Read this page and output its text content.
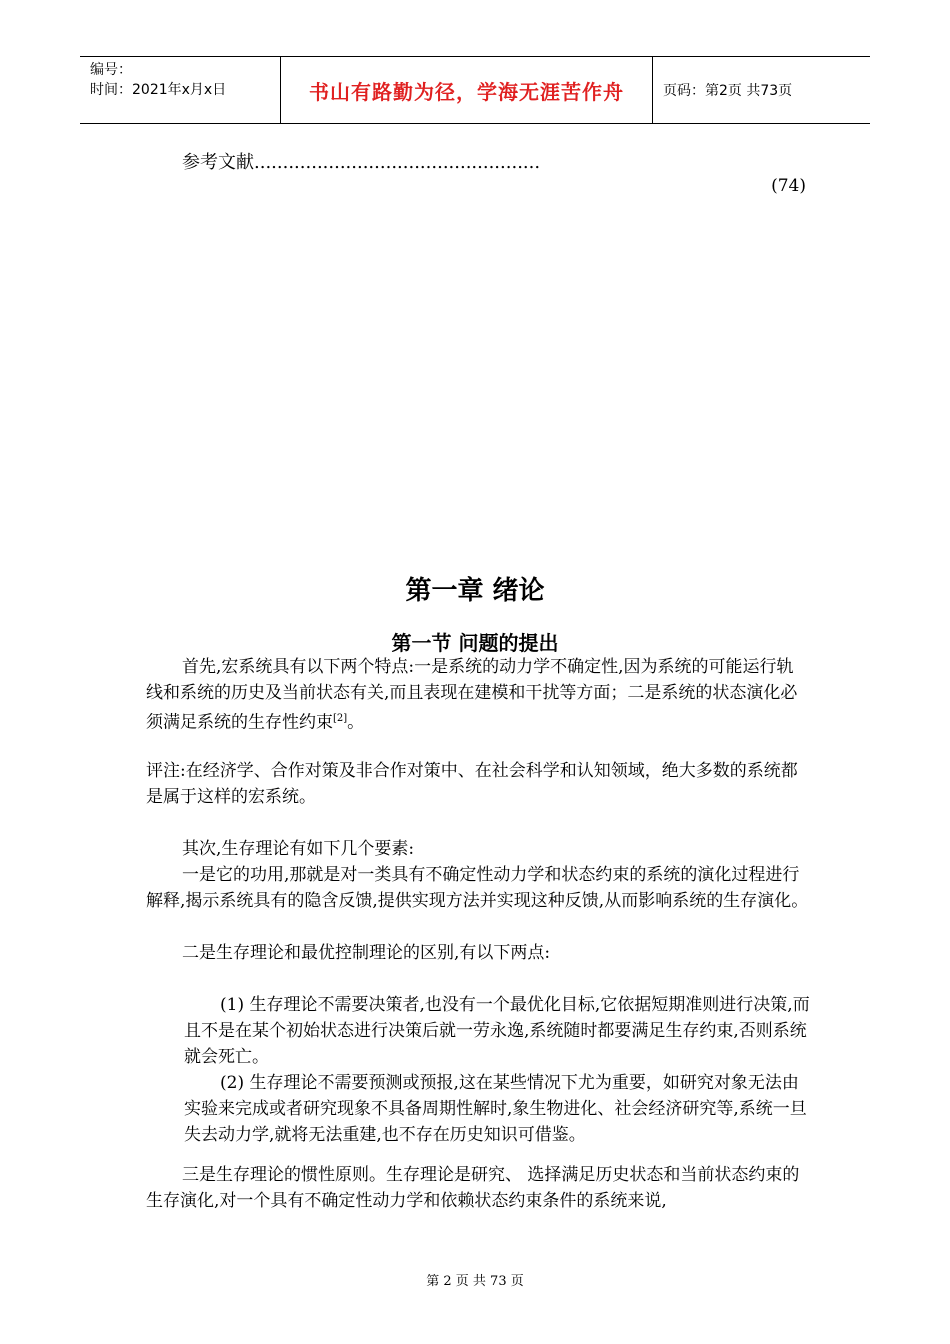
编号：
时间：2021年x月x日	书山有路勤为径，学海无涯苦作舟	页码：第2页 共73页
参考文献..................................................
(74)
第一章 绪论
第一节 问题的提出

首先,宏系统具有以下两个特点:一是系统的动力学不确定性,因为系统的可能运行轨线和系统的历史及当前状态有关,而且表现在建模和干扰等方面；二是系统的状态演化必须满足系统的生存性约束[2]。

评注:在经济学、合作对策及非合作对策中、在社会科学和认知领域，绝大多数的系统都是属于这样的宏系统。

其次,生存理论有如下几个要素:

一是它的功用,那就是对一类具有不确定性动力学和状态约束的系统的演化过程进行解释,揭示系统具有的隐含反馈,提供实现方法并实现这种反馈,从而影响系统的生存演化。

二是生存理论和最优控制理论的区别,有以下两点:

(1) 生存理论不需要决策者,也没有一个最优化目标,它依据短期准则进行决策,而且不是在某个初始状态进行决策后就一劳永逸,系统随时都要满足生存约束,否则系统就会死亡。

(2) 生存理论不需要预测或预报,这在某些情况下尤为重要，如研究对象无法由实验来完成或者研究现象不具备周期性解时,象生物进化、社会经济研究等,系统一旦失去动力学,就将无法重建,也不存在历史知识可借鉴。

三是生存理论的惯性原则。生存理论是研究、 选择满足历史状态和当前状态约束的生存演化,对一个具有不确定性动力学和依赖状态约束条件的系统来说,

第 2 页 共 73 页
